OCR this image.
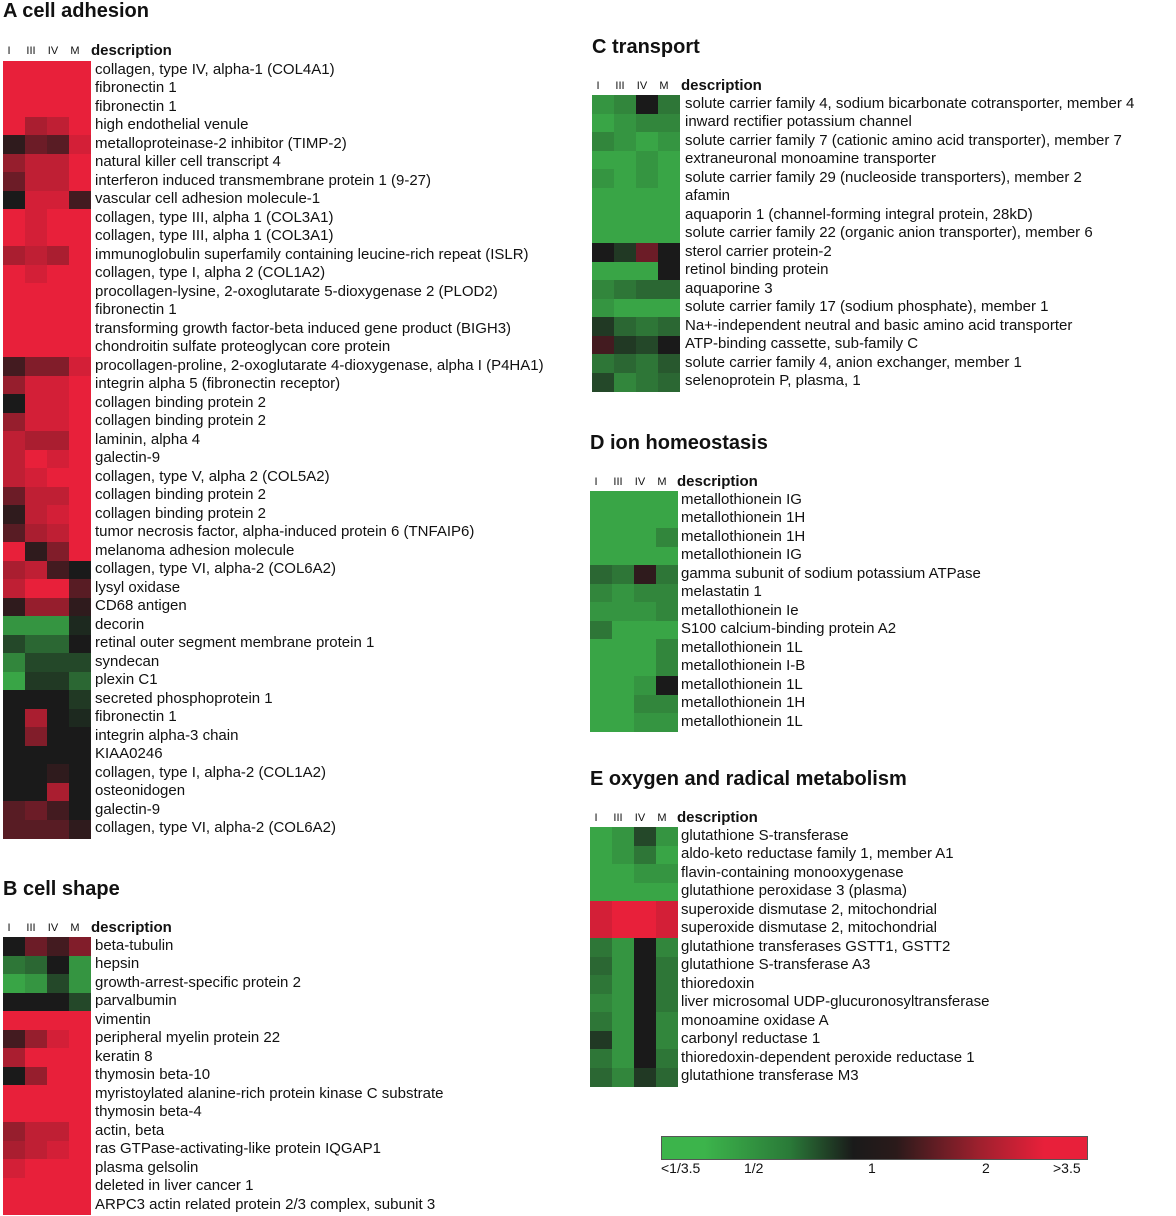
A cell adhesion
I	III	IV	M description
collagen, type IV, alpha-1 (COL4A1)
fibronectin 1
fibronectin 1
high endothelial venule
metalloproteinase-2 inhibitor (TIMP-2)
natural killer cell transcript 4
interferon induced transmembrane protein 1 (9-27)
vascular cell adhesion molecule-1
collagen, type III, alpha 1 (COL3A1)
collagen, type III, alpha 1 (COL3A1)
immunoglobulin superfamily containing leucine-rich repeat (ISLR)
collagen, type I, alpha 2 (COL1A2)
procollagen-lysine, 2-oxoglutarate 5-dioxygenase 2 (PLOD2)
fibronectin 1
transforming growth factor-beta induced gene product (BIGH3)
chondroitin sulfate proteoglycan core protein
procollagen-proline, 2-oxoglutarate 4-dioxygenase, alpha I (P4HA1)
integrin alpha 5 (fibronectin receptor)
collagen binding protein 2
collagen binding protein 2
laminin, alpha 4
galectin-9
collagen, type V, alpha 2 (COL5A2)
collagen binding protein 2
collagen binding protein 2
tumor necrosis factor, alpha-induced protein 6 (TNFAIP6)
melanoma adhesion molecule
collagen, type VI, alpha-2 (COL6A2)
lysyl oxidase
CD68 antigen
decorin
retinal outer segment membrane protein 1
syndecan
plexin C1
secreted phosphoprotein 1
fibronectin 1
integrin alpha-3 chain
KIAA0246
collagen, type I, alpha-2 (COL1A2)
osteonidogen
galectin-9
collagen, type VI, alpha-2 (COL6A2)
B cell shape
I	III	IV	M description
beta-tubulin
hepsin
growth-arrest-specific protein 2
parvalbumin
vimentin
peripheral myelin protein 22
keratin 8
thymosin beta-10
myristoylated alanine-rich protein kinase C substrate
thymosin beta-4
actin, beta
ras GTPase-activating-like protein IQGAP1
plasma gelsolin
deleted in liver cancer 1
ARPC3 actin related protein 2/3 complex, subunit 3
C transport
I	III	IV	M description
solute carrier family 4, sodium bicarbonate cotransporter, member 4
inward rectifier potassium channel
solute carrier family 7 (cationic amino acid transporter), member 7
extraneuronal monoamine transporter
solute carrier family 29 (nucleoside transporters), member 2
afamin
aquaporin 1 (channel-forming integral protein, 28kD)
solute carrier family 22 (organic anion transporter), member 6
sterol carrier protein-2
retinol binding protein
aquaporine 3
solute carrier family 17 (sodium phosphate), member 1
Na+-independent neutral and basic amino acid transporter
ATP-binding cassette, sub-family C
solute carrier family 4, anion exchanger, member 1
selenoprotein P, plasma, 1
D ion homeostasis
I	III	IV	M description
metallothionein IG
metallothionein 1H
metallothionein 1H
metallothionein IG
gamma subunit of sodium potassium ATPase
melastatin 1
metallothionein Ie
S100 calcium-binding protein A2
metallothionein 1L
metallothionein I-B
metallothionein 1L
metallothionein 1H
metallothionein 1L
E oxygen and radical metabolism
I	III	IV	M description
glutathione S-transferase
aldo-keto reductase family 1, member A1
flavin-containing monooxygenase
glutathione peroxidase 3 (plasma)
superoxide dismutase 2, mitochondrial
superoxide dismutase 2, mitochondrial
glutathione transferases GSTT1, GSTT2
glutathione S-transferase A3
thioredoxin
liver microsomal UDP-glucuronosyltransferase
monoamine oxidase A
carbonyl reductase 1
thioredoxin-dependent peroxide reductase 1
glutathione transferase M3
<1/3.5	1/2	1	2	>3.5
